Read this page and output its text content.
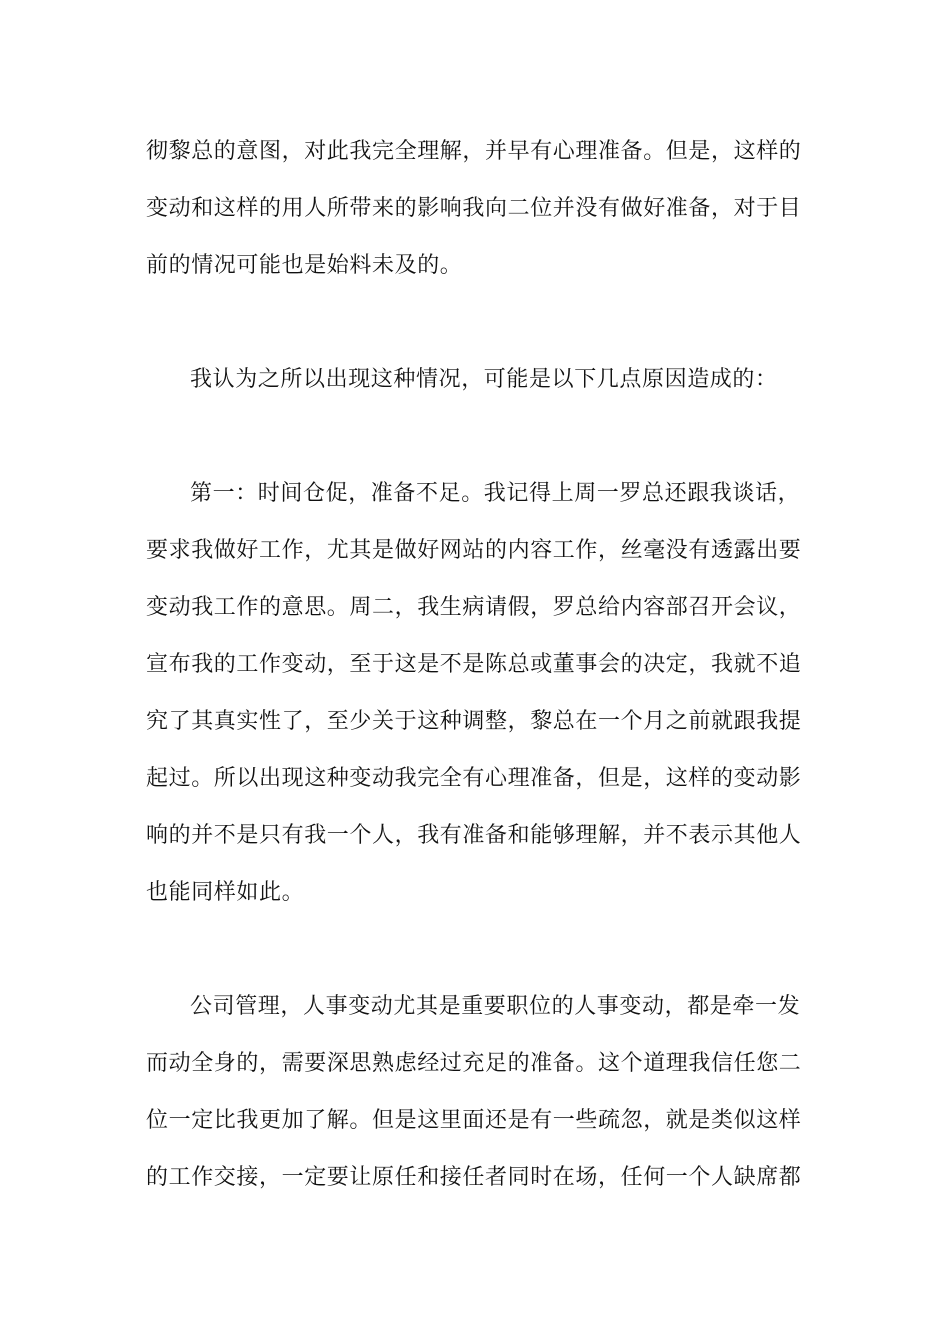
彻黎总的意图，对此我完全理解，并早有心理准备。但是，这样的

变动和这样的用人所带来的影响我向二位并没有做好准备，对于目

前的情况可能也是始料未及的。

我认为之所以出现这种情况，可能是以下几点原因造成的：

第一：时间仓促，准备不足。我记得上周一罗总还跟我谈话，

要求我做好工作，尤其是做好网站的内容工作，丝毫没有透露出要

变动我工作的意思。周二，我生病请假，罗总给内容部召开会议，

宣布我的工作变动，至于这是不是陈总或董事会的决定，我就不追

究了其真实性了，至少关于这种调整，黎总在一个月之前就跟我提

起过。所以出现这种变动我完全有心理准备，但是，这样的变动影

响的并不是只有我一个人，我有准备和能够理解，并不表示其他人

也能同样如此。

公司管理，人事变动尤其是重要职位的人事变动，都是牵一发

而动全身的，需要深思熟虑经过充足的准备。这个道理我信任您二

位一定比我更加了解。但是这里面还是有一些疏忽，就是类似这样

的工作交接，一定要让原任和接任者同时在场，任何一个人缺席都
